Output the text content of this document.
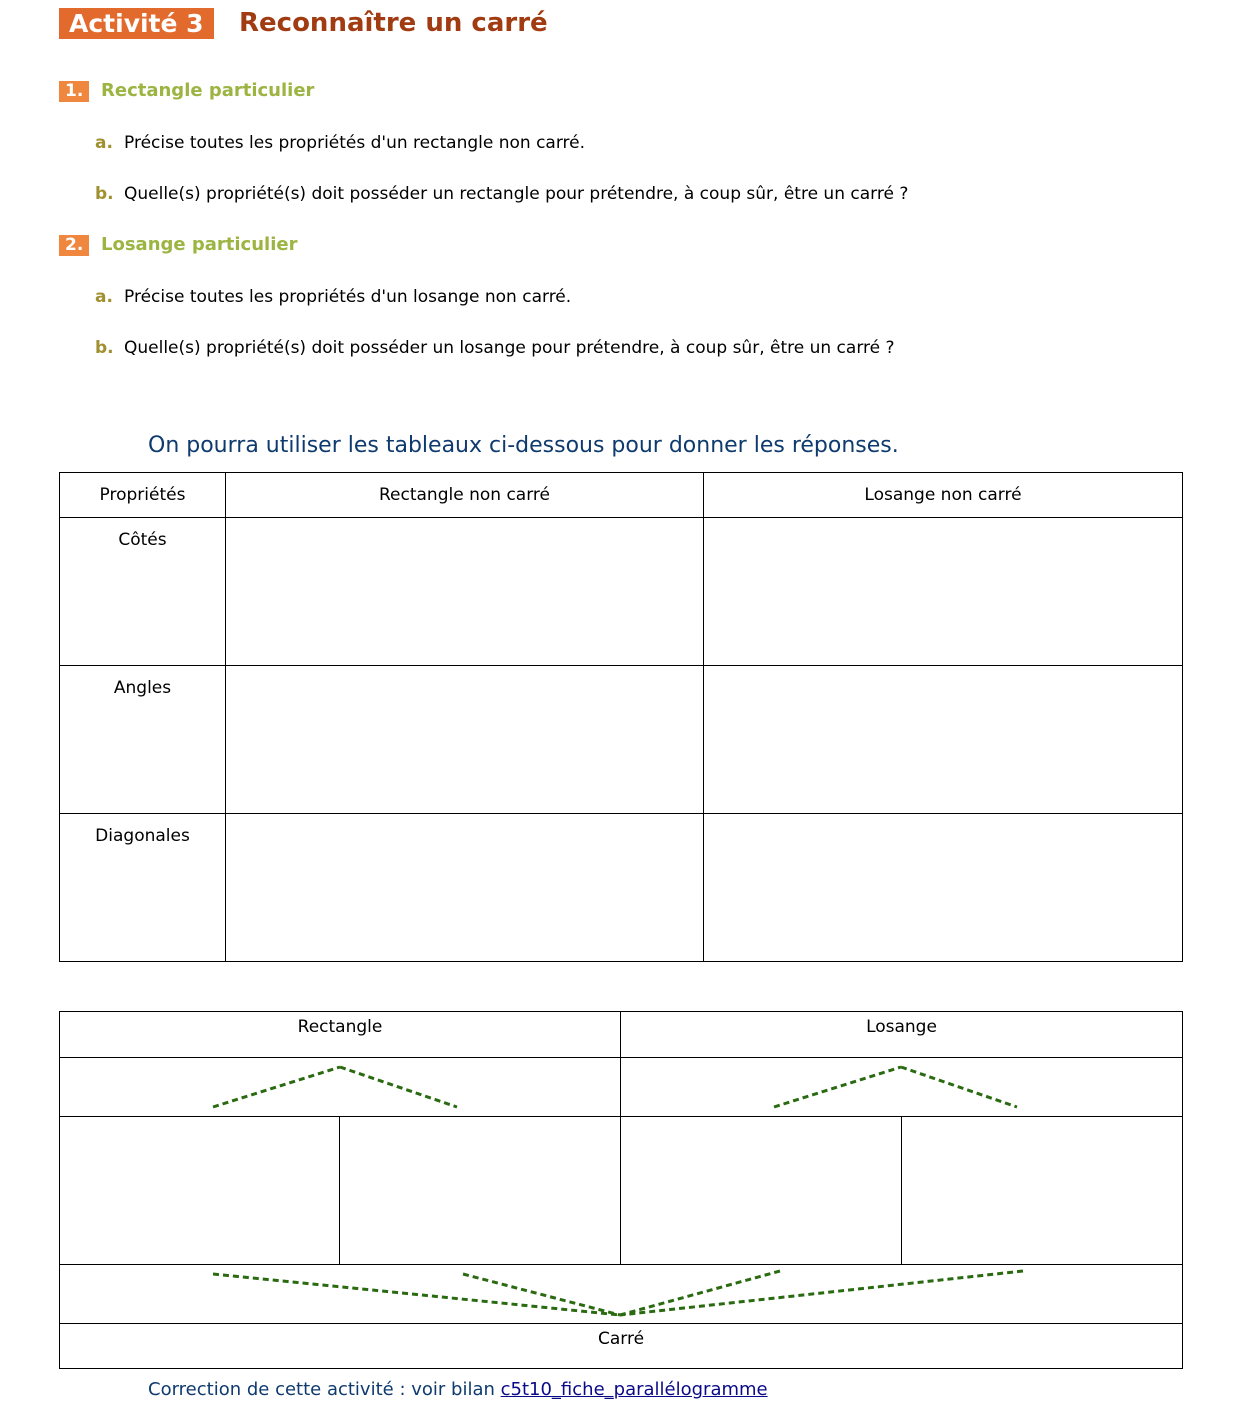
Activité 3	Reconnaître un carré
1. Rectangle particulier
a. Précise toutes les propriétés d'un rectangle non carré.
b. Quelle(s) propriété(s) doit posséder un rectangle pour prétendre, à coup sûr, être un carré ?
2. Losange particulier
a. Précise toutes les propriétés d'un losange non carré.
b. Quelle(s) propriété(s) doit posséder un losange pour prétendre, à coup sûr, être un carré ?
On pourra utiliser les tableaux ci-dessous pour donner les réponses.
Propriétés	Rectangle non carré	Losange non carré
Côtés		
Angles		
Diagonales		
Rectangle		Losange	

Carré			
Correction de cette activité : voir bilan c5t10_fiche_parallélogramme
